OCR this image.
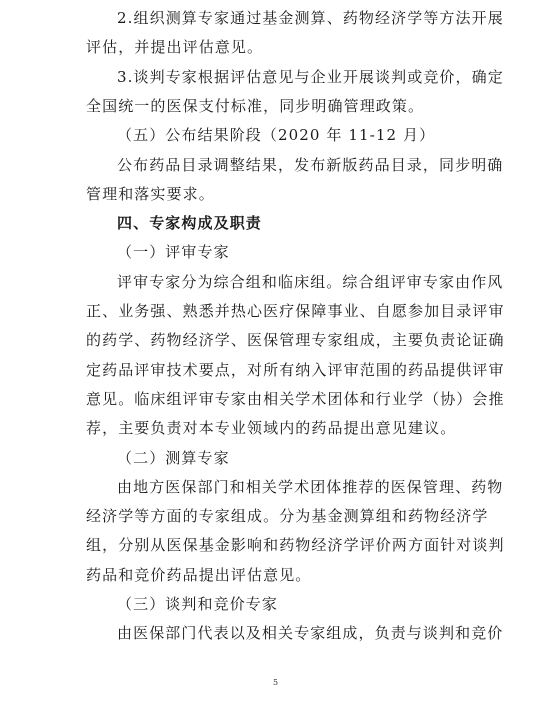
2.组织测算专家通过基金测算、药物经济学等方法开展
评估，并提出评估意见。
3.谈判专家根据评估意见与企业开展谈判或竞价，确定
全国统一的医保支付标准，同步明确管理政策。
（五）公布结果阶段（2020 年 11-12 月）
公布药品目录调整结果，发布新版药品目录，同步明确
管理和落实要求。
四、专家构成及职责
（一）评审专家
评审专家分为综合组和临床组。综合组评审专家由作风
正、业务强、熟悉并热心医疗保障事业、自愿参加目录评审
的药学、药物经济学、医保管理专家组成，主要负责论证确
定药品评审技术要点，对所有纳入评审范围的药品提供评审
意见。临床组评审专家由相关学术团体和行业学（协）会推
荐，主要负责对本专业领域内的药品提出意见建议。
（二）测算专家
由地方医保部门和相关学术团体推荐的医保管理、药物
经济学等方面的专家组成。分为基金测算组和药物经济学
组，分别从医保基金影响和药物经济学评价两方面针对谈判
药品和竞价药品提出评估意见。
（三）谈判和竞价专家
由医保部门代表以及相关专家组成，负责与谈判和竞价
5
